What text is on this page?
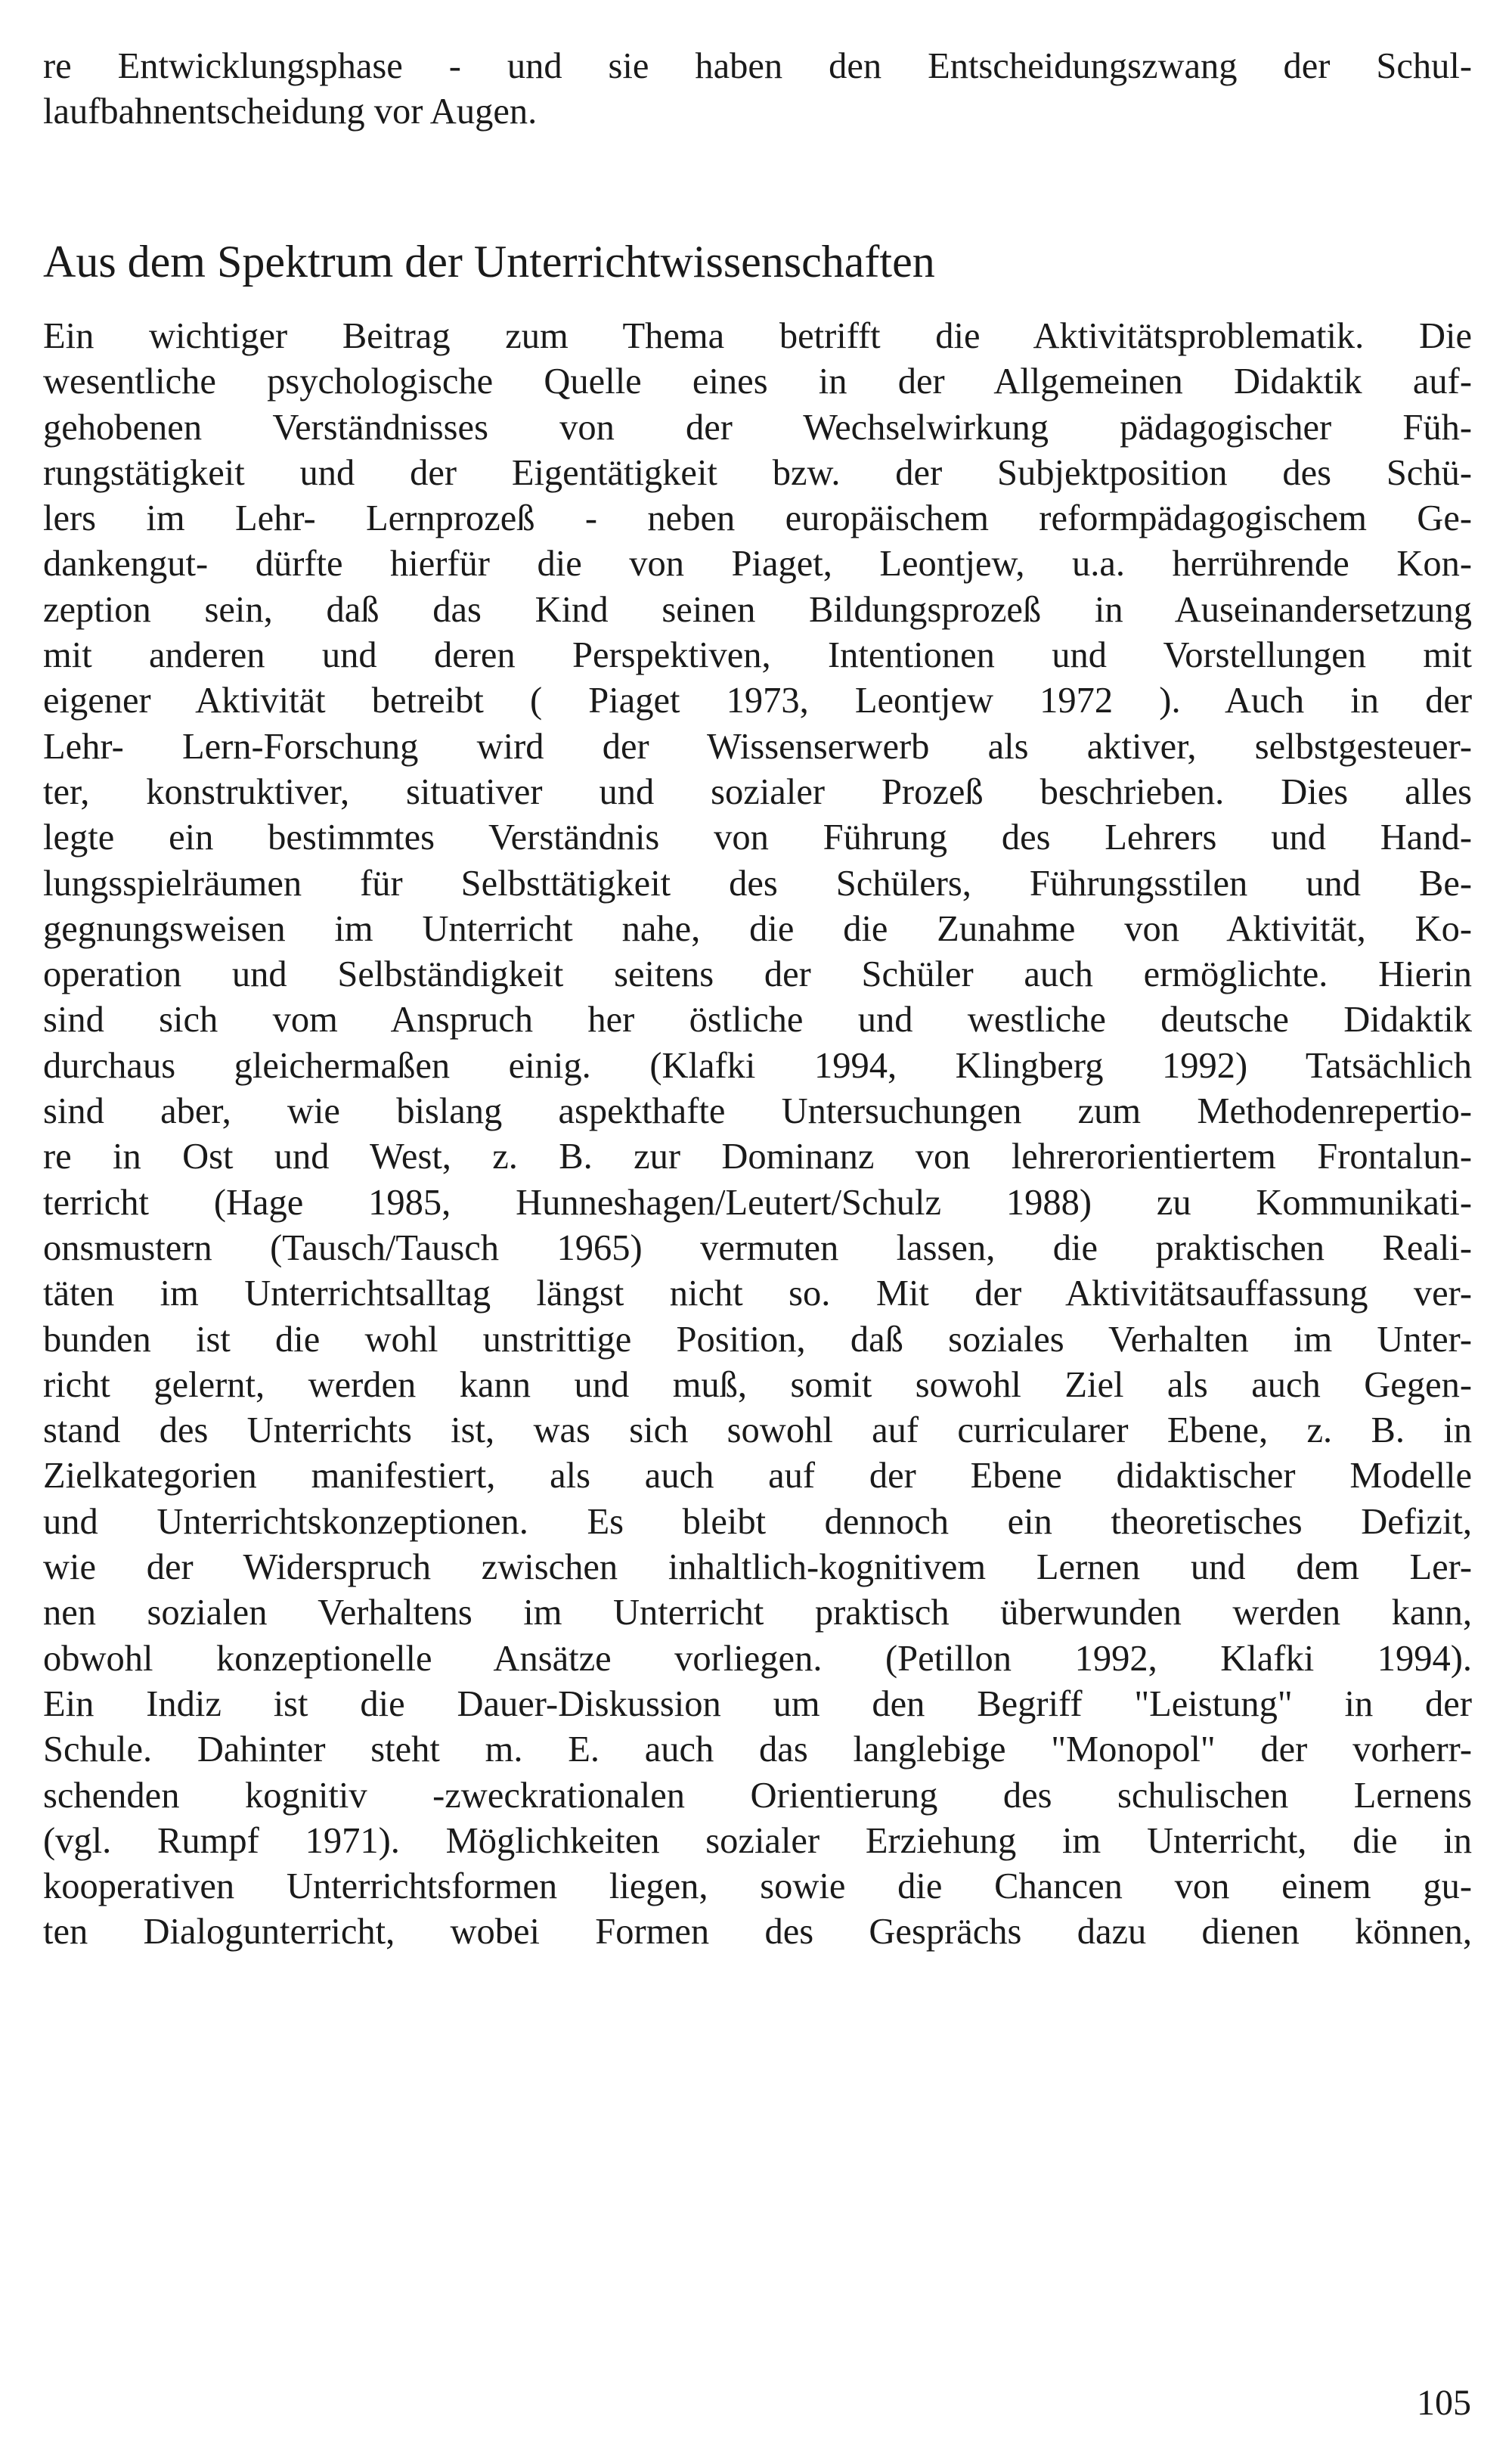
re Entwicklungsphase - und sie haben den Entscheidungszwang der Schul-
laufbahnentscheidung vor Augen.
Aus dem Spektrum der Unterrichtwissenschaften
Ein wichtiger Beitrag zum Thema betrifft die Aktivitätsproblematik. Die
wesentliche psychologische Quelle eines in der Allgemeinen Didaktik auf-
gehobenen Verständnisses von der Wechselwirkung pädagogischer Füh-
rungstätigkeit und der Eigentätigkeit bzw. der Subjektposition des Schü-
lers im Lehr- Lernprozeß - neben europäischem reformpädagogischem Ge-
dankengut- dürfte hierfür die von Piaget, Leontjew, u.a. herrührende Kon-
zeption sein, daß das Kind seinen Bildungsprozeß in Auseinandersetzung
mit anderen und deren Perspektiven, Intentionen und Vorstellungen mit
eigener Aktivität betreibt ( Piaget 1973, Leontjew 1972 ). Auch in der
Lehr- Lern-Forschung wird der Wissenserwerb als aktiver, selbstgesteuer-
ter, konstruktiver, situativer und sozialer Prozeß beschrieben. Dies alles
legte ein bestimmtes Verständnis von Führung des Lehrers und Hand-
lungsspielräumen für Selbsttätigkeit des Schülers, Führungsstilen und Be-
gegnungsweisen im Unterricht nahe, die die Zunahme von Aktivität, Ko-
operation und Selbständigkeit seitens der Schüler auch ermöglichte. Hierin
sind sich vom Anspruch her östliche und westliche deutsche Didaktik
durchaus gleichermaßen einig. (Klafki 1994, Klingberg 1992) Tatsächlich
sind aber, wie bislang aspekthafte Untersuchungen zum Methodenrepertio-
re in Ost und West, z. B. zur Dominanz von lehrerorientiertem Frontalun-
terricht (Hage 1985, Hunneshagen/Leutert/Schulz 1988) zu Kommunikati-
onsmustern (Tausch/Tausch 1965) vermuten lassen, die praktischen Reali-
täten im Unterrichtsalltag längst nicht so. Mit der Aktivitätsauffassung ver-
bunden ist die wohl unstrittige Position, daß soziales Verhalten im Unter-
richt gelernt, werden kann und muß, somit sowohl Ziel als auch Gegen-
stand des Unterrichts ist, was sich sowohl auf curricularer Ebene, z. B. in
Zielkategorien manifestiert, als auch auf der Ebene didaktischer Modelle
und Unterrichtskonzeptionen. Es bleibt dennoch ein theoretisches Defizit,
wie der Widerspruch zwischen inhaltlich-kognitivem Lernen und dem Ler-
nen sozialen Verhaltens im Unterricht praktisch überwunden werden kann,
obwohl konzeptionelle Ansätze vorliegen. (Petillon 1992, Klafki 1994).
Ein Indiz ist die Dauer-Diskussion um den Begriff "Leistung" in der
Schule. Dahinter steht m. E. auch das langlebige "Monopol" der vorherr-
schenden kognitiv -zweckrationalen Orientierung des schulischen Lernens
(vgl. Rumpf 1971). Möglichkeiten sozialer Erziehung im Unterricht, die in
kooperativen Unterrichtsformen liegen, sowie die Chancen von einem gu-
ten Dialogunterricht, wobei Formen des Gesprächs dazu dienen können,
105
